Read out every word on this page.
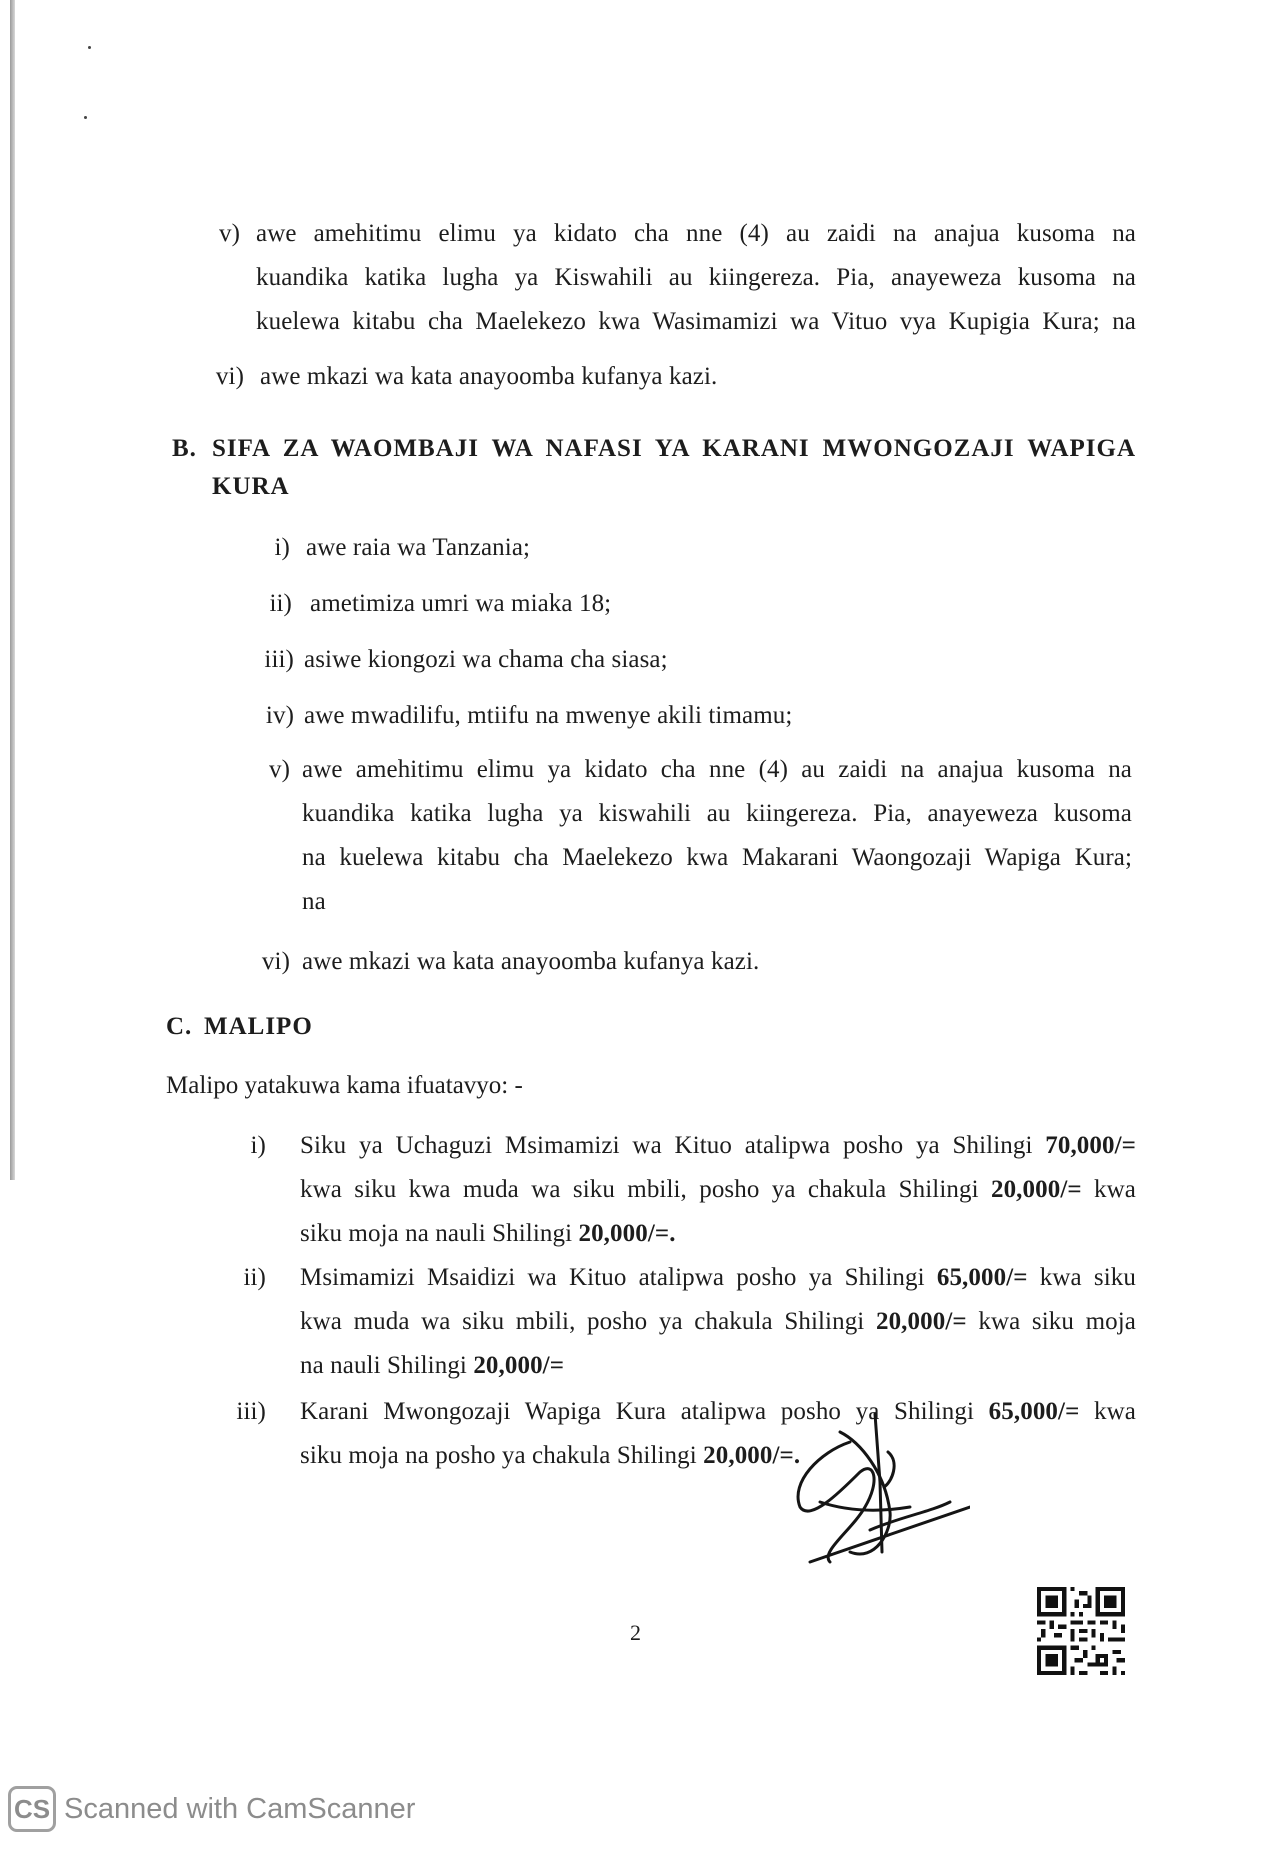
v) awe amehitimu elimu ya kidato cha nne (4) au zaidi na anajua kusoma na
kuandika katika lugha ya Kiswahili au kiingereza. Pia, anayeweza kusoma na
kuelewa kitabu cha Maelekezo kwa Wasimamizi wa Vituo vya Kupigia Kura; na
vi) awe mkazi wa kata anayoomba kufanya kazi.
B. SIFA ZA WAOMBAJI WA NAFASI YA KARANI MWONGOZAJI WAPIGA
KURA
i) awe raia wa Tanzania;
ii) ametimiza umri wa miaka 18;
iii) asiwe kiongozi wa chama cha siasa;
iv) awe mwadilifu, mtiifu na mwenye akili timamu;
v) awe amehitimu elimu ya kidato cha nne (4) au zaidi na anajua kusoma na
kuandika katika lugha ya kiswahili au kiingereza. Pia, anayeweza kusoma
na kuelewa kitabu cha Maelekezo kwa Makarani Waongozaji Wapiga Kura;
na
vi) awe mkazi wa kata anayoomba kufanya kazi.
C. MALIPO
Malipo yatakuwa kama ifuatavyo: -
i) Siku ya Uchaguzi Msimamizi wa Kituo atalipwa posho ya Shilingi 70,000/=
kwa siku kwa muda wa siku mbili, posho ya chakula Shilingi 20,000/= kwa
siku moja na nauli Shilingi 20,000/=.
ii) Msimamizi Msaidizi wa Kituo atalipwa posho ya Shilingi 65,000/= kwa siku
kwa muda wa siku mbili, posho ya chakula Shilingi 20,000/= kwa siku moja
na nauli Shilingi 20,000/=
iii) Karani Mwongozaji Wapiga Kura atalipwa posho ya Shilingi 65,000/= kwa
siku moja na posho ya chakula Shilingi 20,000/=.
2
CS Scanned with CamScanner
